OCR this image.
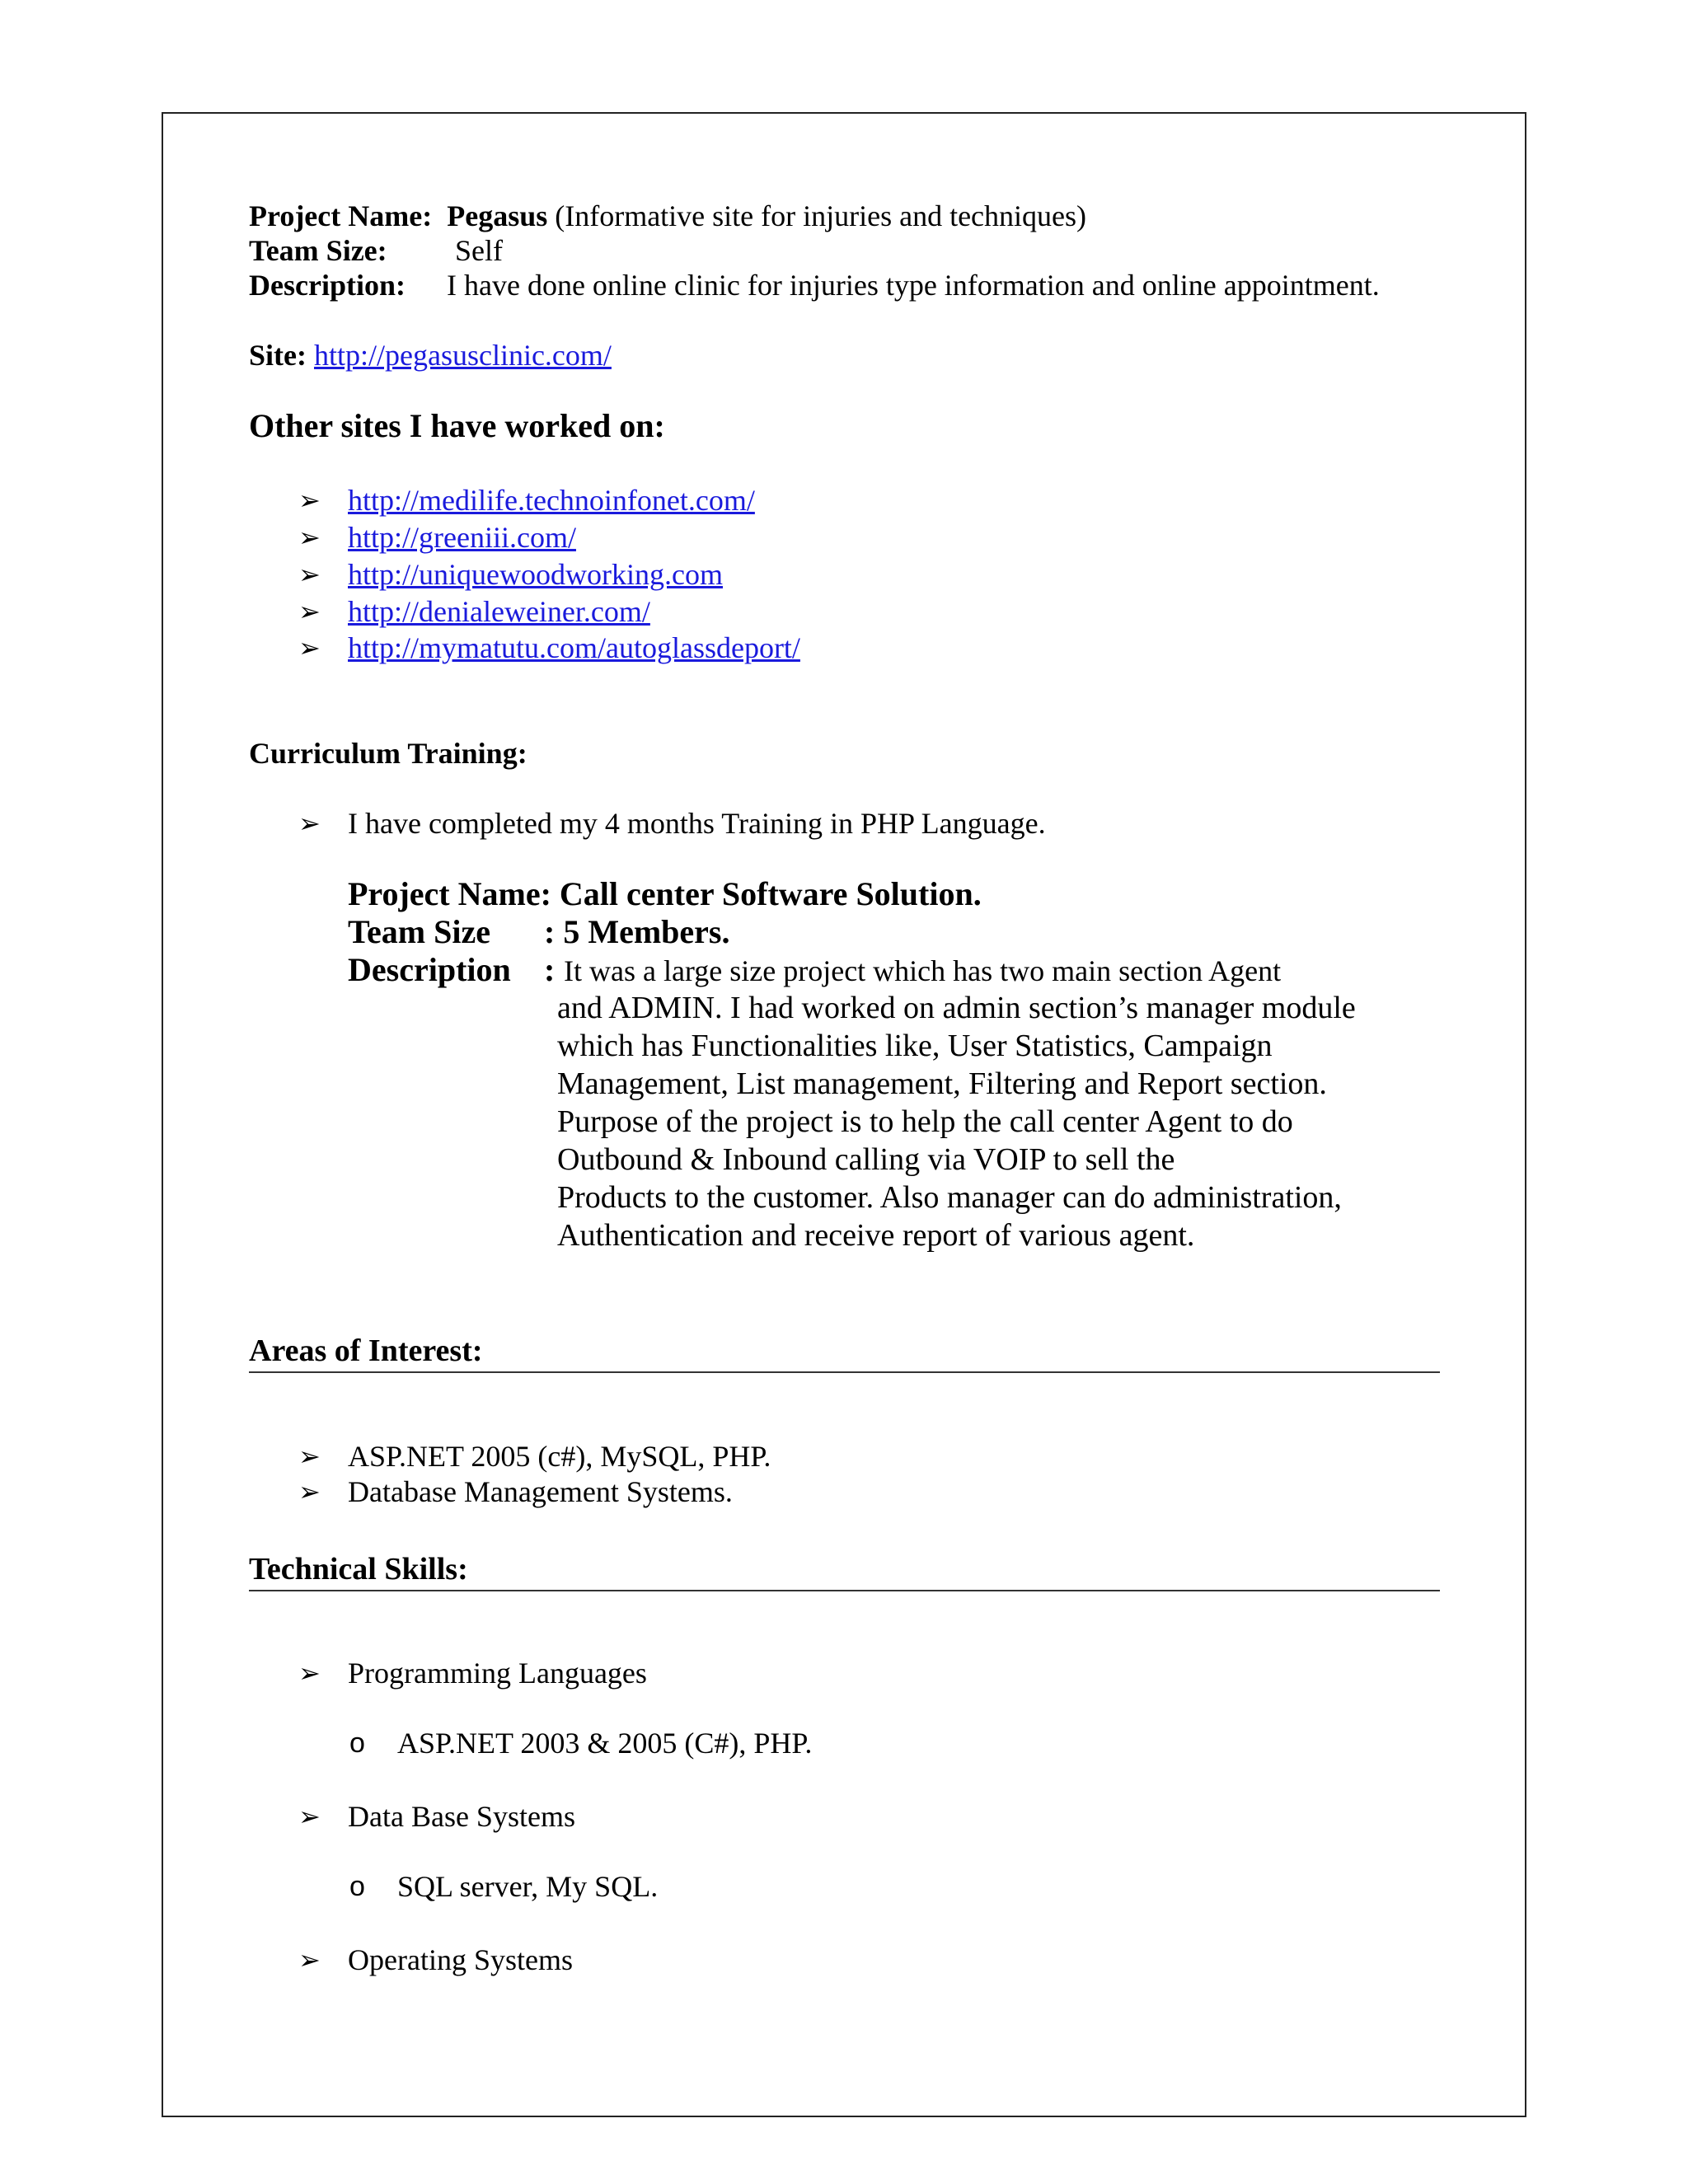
Project Name: Pegasus (Informative site for injuries and techniques)
Team Size: Self
Description: I have done online clinic for injuries type information and online appointment.
Site: http://pegasusclinic.com/
Other sites I have worked on:
➢ http://medilife.technoinfonet.com/
➢ http://greeniii.com/
➢ http://uniquewoodworking.com
➢ http://denialeweiner.com/
➢ http://mymatutu.com/autoglassdeport/
Curriculum Training:
➢ I have completed my 4 months Training in PHP Language.
Project Name: Call center Software Solution.
Team Size : 5 Members.
Description : It was a large size project which has two main section Agent
and ADMIN. I had worked on admin section’s manager module
which has Functionalities like, User Statistics, Campaign
Management, List management, Filtering and Report section.
Purpose of the project is to help the call center Agent to do
Outbound & Inbound calling via VOIP to sell the
Products to the customer. Also manager can do administration,
Authentication and receive report of various agent.
Areas of Interest:
➢ ASP.NET 2005 (c#), MySQL, PHP.
➢ Database Management Systems.
Technical Skills:
➢ Programming Languages
o ASP.NET 2003 & 2005 (C#), PHP.
➢ Data Base Systems
o SQL server, My SQL.
➢ Operating Systems
